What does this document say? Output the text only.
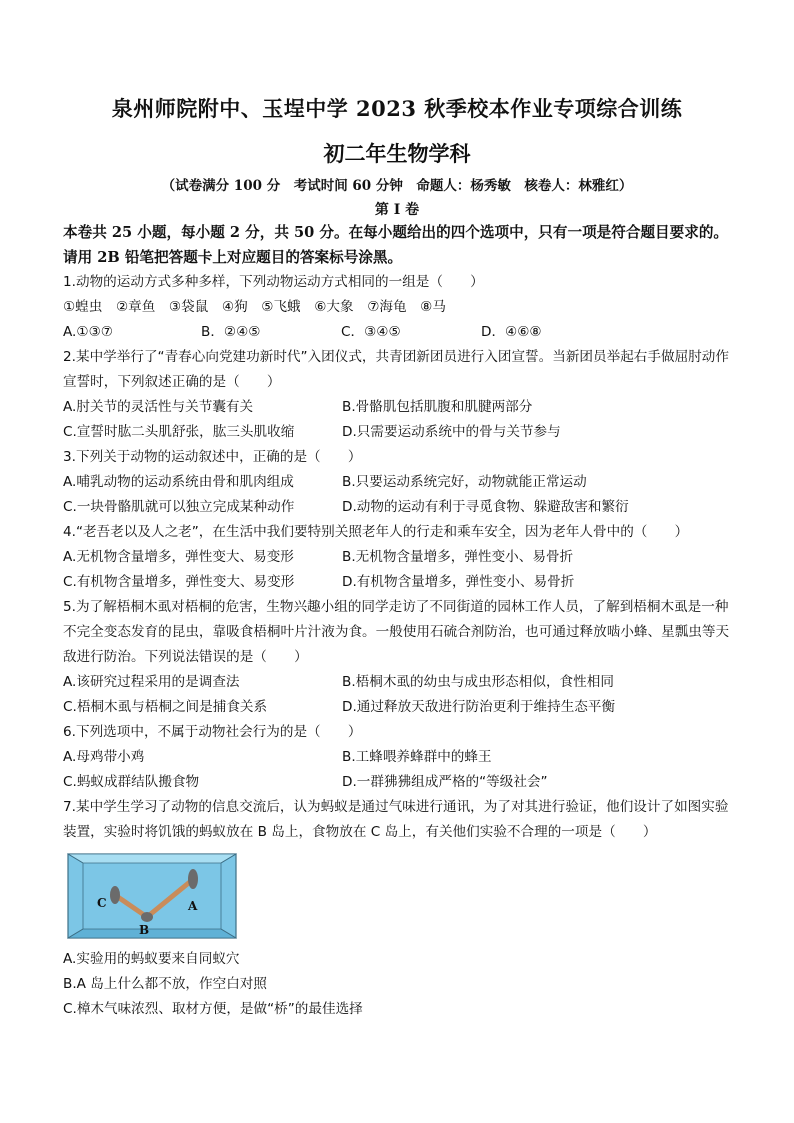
泉州师院附中、玉埕中学 2023 秋季校本作业专项综合训练
初二年生物学科
（试卷满分 100 分　考试时间 60 分钟　命题人：杨秀敏　核卷人：林雅红）
第 I 卷
本卷共 25 小题，每小题 2 分，共 50 分。在每小题给出的四个选项中，只有一项是符合题目要求的。请用 2B 铅笔把答题卡上对应题目的答案标号涂黑。
1.动物的运动方式多种多样，下列动物运动方式相同的一组是（　　）
①蝗虫　②章鱼　③袋鼠　④狗　⑤飞蛾　⑥大象　⑦海龟　⑧马
A.①③⑦	B．②④⑤	C．③④⑤	D．④⑥⑧
2.某中学举行了“青春心向党建功新时代”入团仪式，共青团新团员进行入团宣誓。当新团员举起右手做屈肘动作宣誓时，下列叙述正确的是（　　）
A.肘关节的灵活性与关节囊有关	B.骨骼肌包括肌腹和肌腱两部分
C.宣誓时肱二头肌舒张，肱三头肌收缩	D.只需要运动系统中的骨与关节参与
3.下列关于动物的运动叙述中，正确的是（　　）
A.哺乳动物的运动系统由骨和肌肉组成	B.只要运动系统完好，动物就能正常运动
C.一块骨骼肌就可以独立完成某种动作	D.动物的运动有利于寻觅食物、躲避敌害和繁衍
4.“老吾老以及人之老”，在生活中我们要特别关照老年人的行走和乘车安全，因为老年人骨中的（　　）
A.无机物含量增多，弹性变大、易变形	B.无机物含量增多，弹性变小、易骨折
C.有机物含量增多，弹性变大、易变形	D.有机物含量增多，弹性变小、易骨折
5.为了解梧桐木虱对梧桐的危害，生物兴趣小组的同学走访了不同街道的园林工作人员，了解到梧桐木虱是一种不完全变态发育的昆虫，靠吸食梧桐叶片汁液为食。一般使用石硫合剂防治，也可通过释放啮小蜂、星瓢虫等天敌进行防治。下列说法错误的是（　　）
A.该研究过程采用的是调查法	B.梧桐木虱的幼虫与成虫形态相似，食性相同
C.梧桐木虱与梧桐之间是捕食关系	D.通过释放天敌进行防治更利于维持生态平衡
6.下列选项中，不属于动物社会行为的是（　　）
A.母鸡带小鸡	B.工蜂喂养蜂群中的蜂王
C.蚂蚁成群结队搬食物	D.一群狒狒组成严格的“等级社会”
7.某中学生学习了动物的信息交流后，认为蚂蚁是通过气味进行通讯，为了对其进行验证，他们设计了如图实验装置，实验时将饥饿的蚂蚁放在 B 岛上，食物放在 C 岛上，有关他们实验不合理的一项是（　　）
C
B
A
A.实验用的蚂蚁要来自同蚁穴
B.A 岛上什么都不放，作空白对照
C.樟木气味浓烈、取材方便，是做“桥”的最佳选择
